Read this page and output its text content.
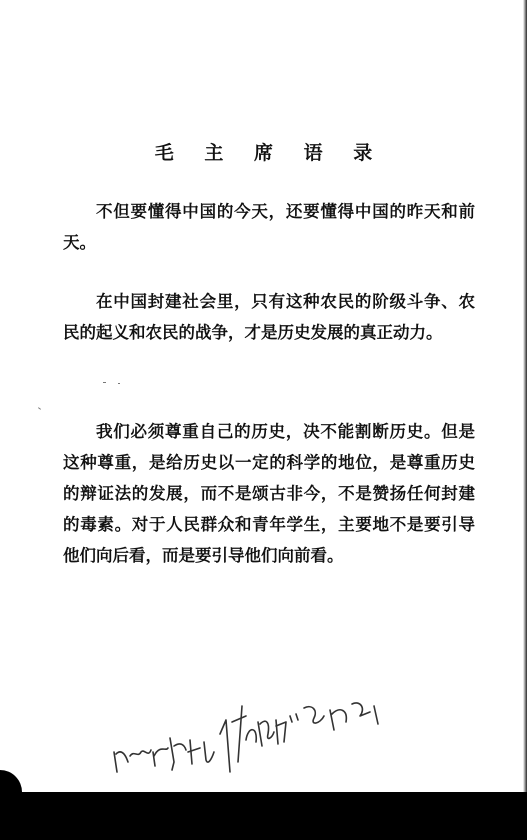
毛 主 席 语 录

不但要懂得中国的今天，还要懂得中国的昨天和前天。

在中国封建社会里，只有这种农民的阶级斗争、农民的起义和农民的战争，才是历史发展的真正动力。

我们必须尊重自己的历史，决不能割断历史。但是这种尊重，是给历史以一定的科学的地位，是尊重历史的辩证法的发展，而不是颂古非今，不是赞扬任何封建的毒素。对于人民群众和青年学生，主要地不是要引导他们向后看，而是要引导他们向前看。
